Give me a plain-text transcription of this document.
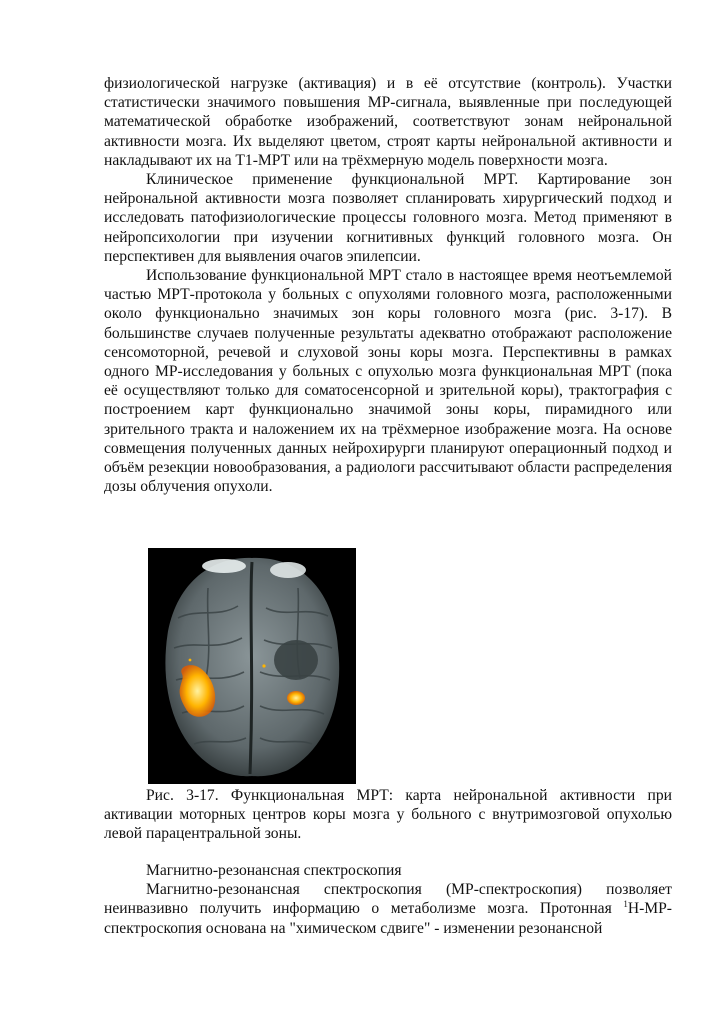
физиологической нагрузке (активация) и в её отсутствие (контроль). Участки статистически значимого повышения МР-сигнала, выявленные при последующей математической обработке изображений, соответствуют зонам нейрональной активности мозга. Их выделяют цветом, строят карты нейрональной активности и накладывают их на Т1-МРТ или на трёхмерную модель поверхности мозга.

Клиническое применение функциональной МРТ. Картирование зон нейрональной активности мозга позволяет спланировать хирургический подход и исследовать патофизиологические процессы головного мозга. Метод применяют в нейропсихологии при изучении когнитивных функций головного мозга. Он перспективен для выявления очагов эпилепсии.

Использование функциональной МРТ стало в настоящее время неотъемлемой частью МРТ-протокола у больных с опухолями головного мозга, расположенными около функционально значимых зон коры головного мозга (рис. 3-17). В большинстве случаев полученные результаты адекватно отображают расположение сенсомоторной, речевой и слуховой зоны коры мозга. Перспективны в рамках одного МР-исследования у больных с опухолью мозга функциональная МРТ (пока её осуществляют только для соматосенсорной и зрительной коры), трактография с построением карт функционально значимой зоны коры, пирамидного или зрительного тракта и наложением их на трёхмерное изображение мозга. На основе совмещения полученных данных нейрохирурги планируют операционный подход и объём резекции новообразования, а радиологи рассчитывают области распределения дозы облучения опухоли.

Рис. 3-17. Функциональная МРТ: карта нейрональной активности при активации моторных центров коры мозга у больного с внутримозговой опухолью левой парацентральной зоны.

Магнитно-резонансная спектроскопия

Магнитно-резонансная спектроскопия (МР-спектроскопия) позволяет неинвазивно получить информацию о метаболизме мозга. Протонная $^1$Н-МР-спектроскопия основана на "химическом сдвиге" - изменении резонансной
